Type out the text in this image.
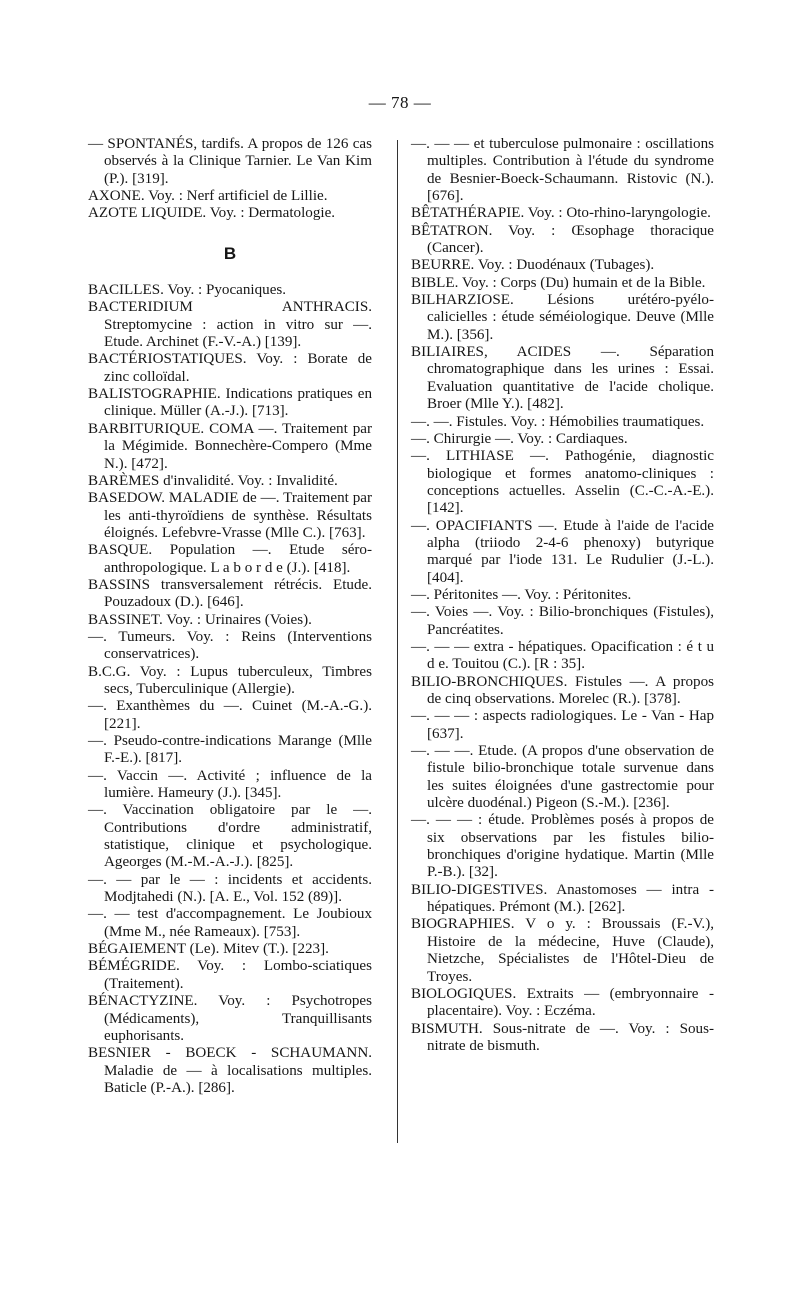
— 78 —

— SPONTANÉS, tardifs. A propos de 126 cas observés à la Clinique Tarnier. Le Van Kim (P.). [319].

AXONE. Voy. : Nerf artificiel de Lillie.

AZOTE LIQUIDE. Voy. : Dermatologie.

B

BACILLES. Voy. : Pyocaniques.

BACTERIDIUM ANTHRACIS. Streptomycine : action in vitro sur —. Etude. Archinet (F.-V.-A.) [139].

BACTÉRIOSTATIQUES. Voy. : Borate de zinc colloïdal.

BALISTOGRAPHIE. Indications pratiques en clinique. Müller (A.-J.). [713].

BARBITURIQUE. COMA —. Traitement par la Mégimide. Bonnechère-Compero (Mme N.). [472].

BARÈMES d'invalidité. Voy. : Invalidité.

BASEDOW. MALADIE de —. Traitement par les anti-thyroïdiens de synthèse. Résultats éloignés. Lefebvre-Vrasse (Mlle C.). [763].

BASQUE. Population —. Etude séro-anthropologique. L a b o r d e (J.). [418].

BASSINS transversalement rétrécis. Etude. Pouzadoux (D.). [646].

BASSINET. Voy. : Urinaires (Voies).

—. Tumeurs. Voy. : Reins (Interventions conservatrices).

B.C.G. Voy. : Lupus tuberculeux, Timbres secs, Tuberculinique (Allergie).

—. Exanthèmes du —. Cuinet (M.-A.-G.). [221].

—. Pseudo-contre-indications Marange (Mlle F.-E.). [817].

—. Vaccin —. Activité ; influence de la lumière. Hameury (J.). [345].

—. Vaccination obligatoire par le —. Contributions d'ordre administratif, statistique, clinique et psychologique. Ageorges (M.-M.-A.-J.). [825].

—. — par le — : incidents et accidents. Modjtahedi (N.). [A. E., Vol. 152 (89)].

—. — test d'accompagnement. Le Joubioux (Mme M., née Rameaux). [753].

BÉGAIEMENT (Le). Mitev (T.). [223].

BÉMÉGRIDE. Voy. : Lombo-sciatiques (Traitement).

BÉNACTYZINE. Voy. : Psychotropes (Médicaments), Tranquillisants euphorisants.

BESNIER - BOECK - SCHAUMANN. Maladie de — à localisations multiples. Baticle (P.-A.). [286].

—. — — et tuberculose pulmonaire : oscillations multiples. Contribution à l'étude du syndrome de Besnier-Boeck-Schaumann. Ristovic (N.). [676].

BÊTATHÉRAPIE. Voy. : Oto-rhino-laryngologie.

BÊTATRON. Voy. : Œsophage thoracique (Cancer).

BEURRE. Voy. : Duodénaux (Tubages).

BIBLE. Voy. : Corps (Du) humain et de la Bible.

BILHARZIOSE. Lésions urétéro-pyélo-calicielles : étude séméiologique. Deuve (Mlle M.). [356].

BILIAIRES, ACIDES —. Séparation chromatographique dans les urines : Essai. Evaluation quantitative de l'acide cholique. Broer (Mlle Y.). [482].

—. —. Fistules. Voy. : Hémobilies traumatiques.

—. Chirurgie —. Voy. : Cardiaques.

—. LITHIASE —. Pathogénie, diagnostic biologique et formes anatomo-cliniques : conceptions actuelles. Asselin (C.-C.-A.-E.). [142].

—. OPACIFIANTS —. Etude à l'aide de l'acide alpha (triiodo 2-4-6 phenoxy) butyrique marqué par l'iode 131. Le Rudulier (J.-L.). [404].

—. Péritonites —. Voy. : Péritonites.

—. Voies —. Voy. : Bilio-bronchiques (Fistules), Pancréatites.

—. — — extra - hépatiques. Opacification : é t u d e. Touitou (C.). [R : 35].

BILIO-BRONCHIQUES. Fistules —. A propos de cinq observations. Morelec (R.). [378].

—. — — : aspects radiologiques. Le - Van - Hap [637].

—. — —. Etude. (A propos d'une observation de fistule bilio-bronchique totale survenue dans les suites éloignées d'une gastrectomie pour ulcère duodénal.) Pigeon (S.-M.). [236].

—. — — : étude. Problèmes posés à propos de six observations par les fistules bilio-bronchiques d'origine hydatique. Martin (Mlle P.-B.). [32].

BILIO-DIGESTIVES. Anastomoses — intra - hépatiques. Prémont (M.). [262].

BIOGRAPHIES. V o y. : Broussais (F.-V.), Histoire de la médecine, Huve (Claude), Nietzche, Spécialistes de l'Hôtel-Dieu de Troyes.

BIOLOGIQUES. Extraits — (embryonnaire - placentaire). Voy. : Eczéma.

BISMUTH. Sous-nitrate de —. Voy. : Sous-nitrate de bismuth.
